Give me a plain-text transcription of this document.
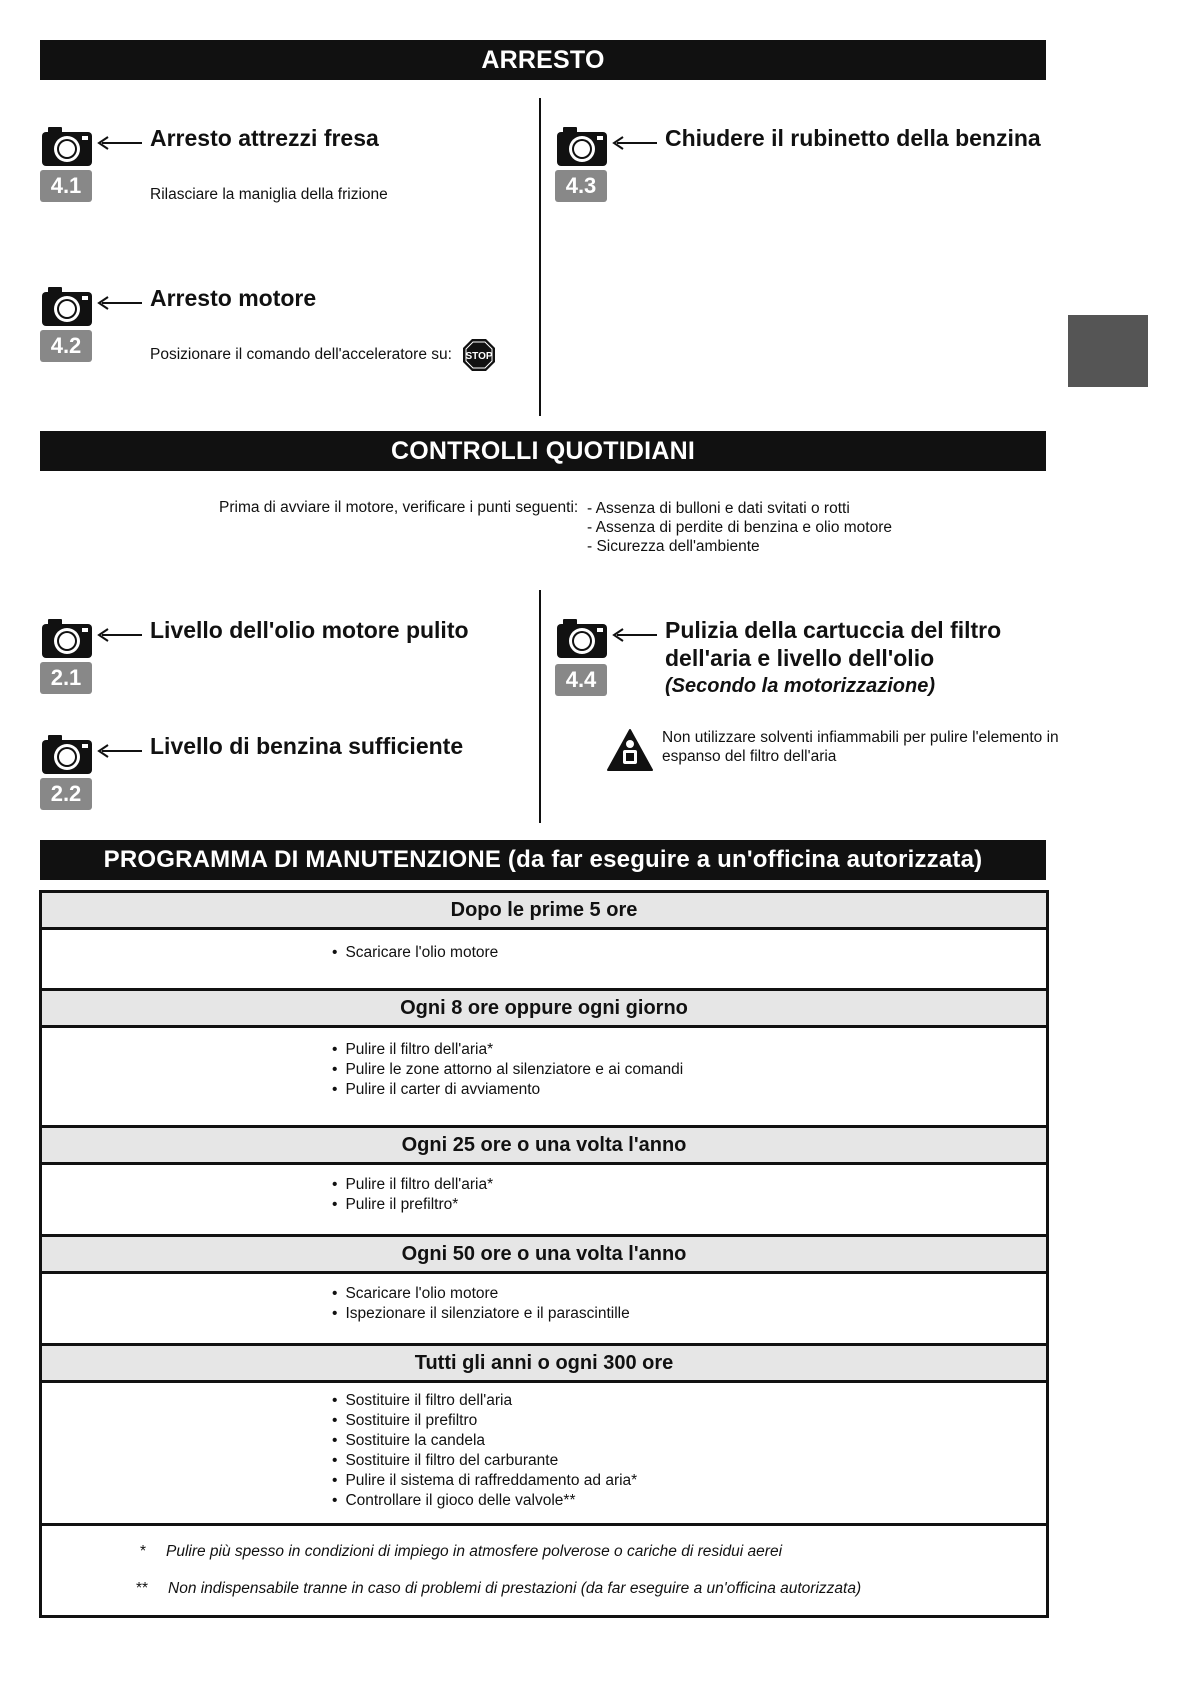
ARRESTO
4.1
Arresto attrezzi fresa
Rilasciare la maniglia della frizione
4.2
Arresto motore
Posizionare il comando dell'acceleratore su: STOP
4.3
Chiudere il rubinetto della benzina
CONTROLLI QUOTIDIANI
Prima di avviare il motore, verificare i punti seguenti: - Assenza di bulloni e dati svitati o rotti
- Assenza di perdite di benzina e olio motore
- Sicurezza dell'ambiente
2.1
Livello dell'olio motore pulito
2.2
Livello di benzina sufficiente
4.4
Pulizia della cartuccia del filtro
dell'aria e livello dell'olio
(Secondo la motorizzazione)
Non utilizzare solventi infiammabili per pulire l'elemento in espanso del filtro dell'aria
PROGRAMMA DI MANUTENZIONE (da far eseguire a un'officina autorizzata)
Dopo le prime 5 ore
• Scaricare l'olio motore
Ogni 8 ore oppure ogni giorno
• Pulire il filtro dell'aria*
• Pulire le zone attorno al silenziatore e ai comandi
• Pulire il carter di avviamento
Ogni 25 ore o una volta l'anno
• Pulire il filtro dell'aria*
• Pulire il prefiltro*
Ogni 50 ore o una volta l'anno
• Scaricare l'olio motore
• Ispezionare il silenziatore e il parascintille
Tutti gli anni o ogni 300 ore
• Sostituire il filtro dell'aria
• Sostituire il prefiltro
• Sostituire la candela
• Sostituire il filtro del carburante
• Pulire il sistema di raffreddamento ad aria*
• Controllare il gioco delle valvole**
* Pulire più spesso in condizioni di impiego in atmosfere polverose o cariche di residui aerei
** Non indispensabile tranne in caso di problemi di prestazioni (da far eseguire a un'officina autorizzata)
